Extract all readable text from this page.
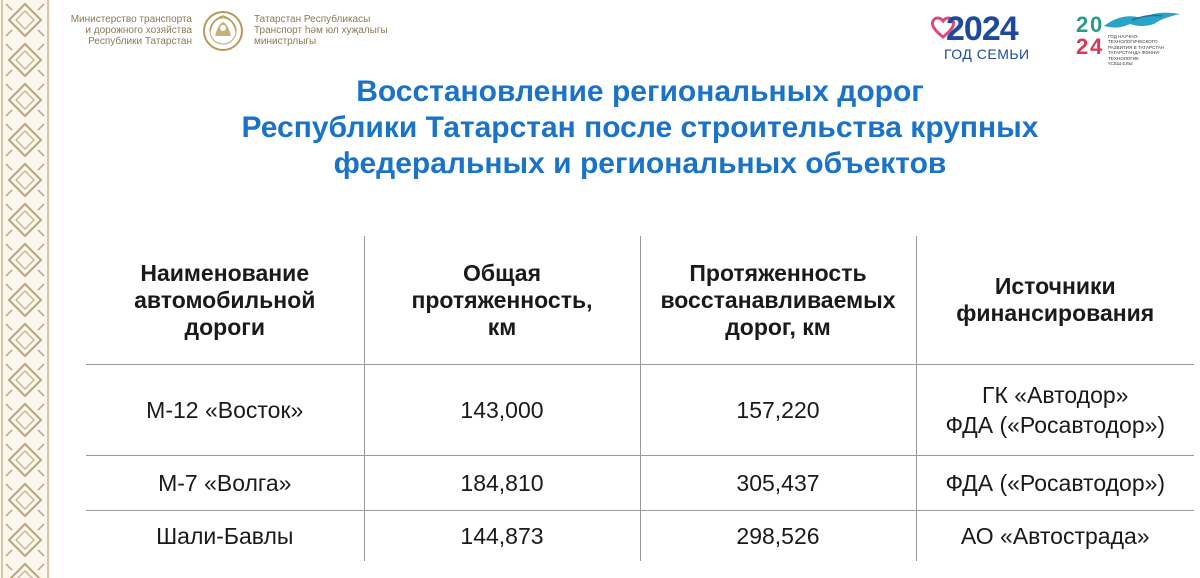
Министерство транспорта
и дорожного хозяйства
Республики Татарстан
Татарстан Республикасы
Транспорт һәм юл хуҗалыгы
министрлыгы	2024
ГОД СЕМЬИ
2 0
2 4 ГОД НАУЧНО-ТЕХНОЛОГИЧЕСКОГО
РАЗВИТИЯ В ТАТАРСТАН
ТАТАРСТАНДА ФӘННИ-ТЕХНОЛОГИК
ҮСЕШ ЕЛЫ
Восстановление региональных дорог
Республики Татарстан после строительства крупных
федеральных и региональных объектов
Наименование
автомобильной
дороги	Общая
протяженность,
км	Протяженность
восстанавливаемых
дорог, км	Источники
финансирования

М-12 «Восток»	143,000	157,220	ГК «Автодор»
ФДА («Росавтодор»)

М-7 «Волга»	184,810	305,437	ФДА («Росавтодор»)

Шали-Бавлы	144,873	298,526	АО «Автострада»
